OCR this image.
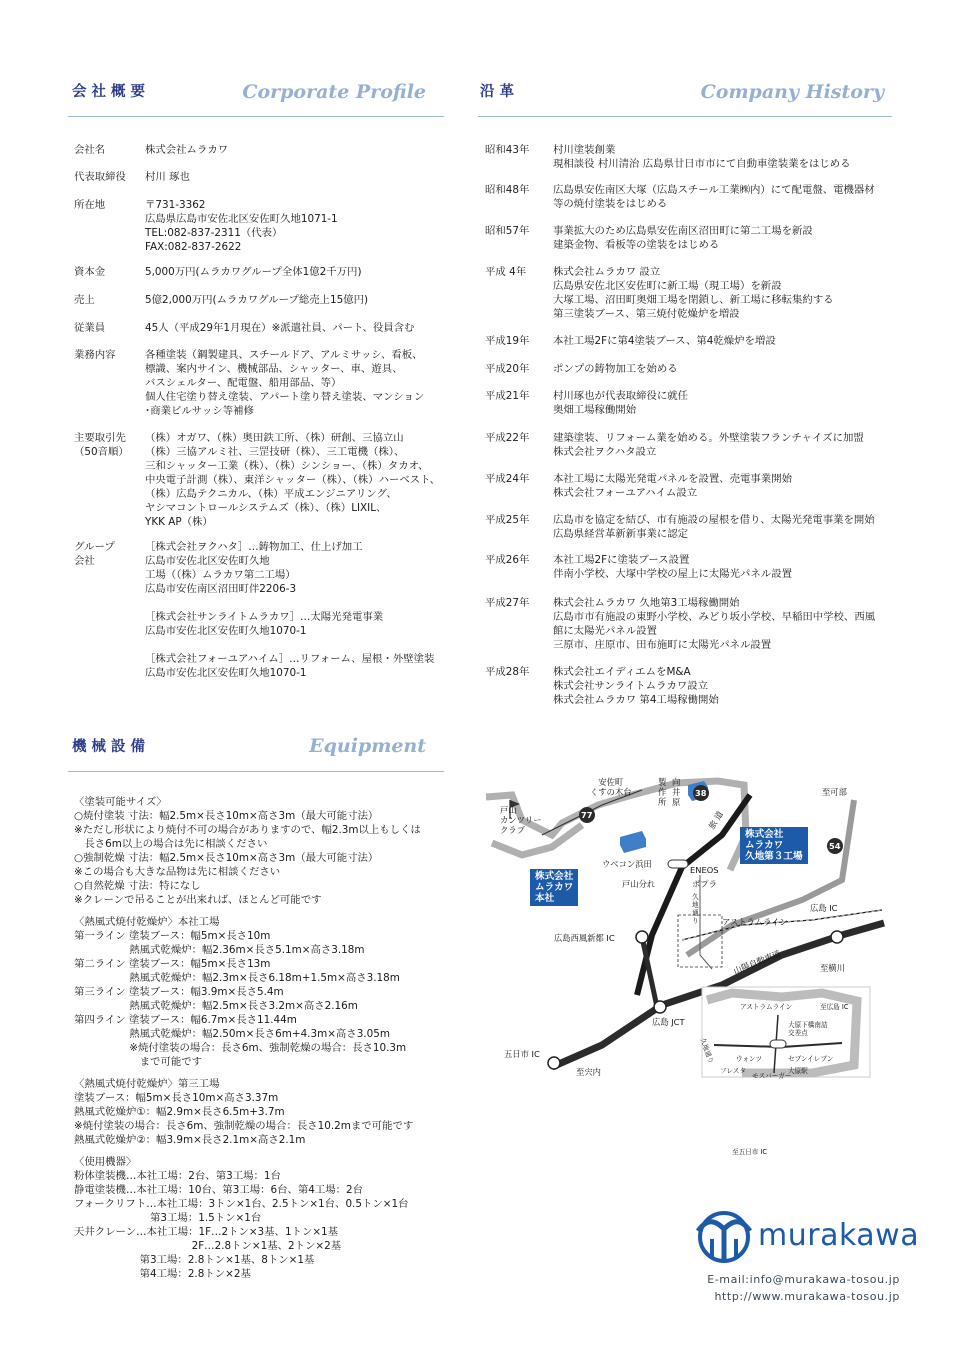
会社概要	Corporate Profile	沿革	Company History
機械設備	Equipment
会社名	株式会社ムラカワ
代表取締役 村川 琢也
所在地	〒731-3362
広島県広島市安佐北区安佐町久地1071-1
TEL:082-837-2311（代表）
FAX:082-837-2622
資本金	5,000万円(ムラカワグループ全体1億2千万円)
売上	5億2,000万円(ムラカワグループ総売上15億円)
従業員	45人（平成29年1月現在）※派遣社員、パート、役員含む
業務内容	各種塗装（鋼製建具、スチールドア、アルミサッシ、看板、
標識、案内サイン、機械部品、シャッター、車、遊具、
バスシェルター、配電盤、船用部品、等）
個人住宅塗り替え塗装、アパート塗り替え塗装、マンション
･商業ビルサッシ等補修
主要取引先
（50音順）
（株）オガワ、（株）奥田鉄工所、（株）研創、三協立山
（株）三協アルミ社、三罡技研（株）、三工電機（株）、
三和シャッター工業（株）、（株）シンショー、（株）タカオ、
中央電子計測（株）、東洋シャッター（株）、（株）ハーベスト、
（株）広島テクニカル、（株）平成エンジニアリング、
ヤシマコントロールシステムズ（株）、（株）LIXIL、
YKK AP（株）
グループ
会社
［株式会社ヲクハタ］…鋳物加工、仕上げ加工
広島市安佐北区安佐町久地
工場（（株）ムラカワ第二工場）
広島市安佐南区沼田町伴2206-3

［株式会社サンライトムラカワ］…太陽光発電事業
広島市安佐北区安佐町久地1070-1

［株式会社フォーユアハイム］…リフォーム、屋根・外壁塗装
広島市安佐北区安佐町久地1070-1
昭和43年 村川塗装創業
現相談役 村川清治 広島県廿日市市にて自動車塗装業をはじめる
昭和48年 広島県安佐南区大塚（広島スチール工業㈱内）にて配電盤、電機器材
等の焼付塗装をはじめる
昭和57年 事業拡大のため広島県安佐南区沼田町に第二工場を新設
建築金物、看板等の塗装をはじめる
平成 4年	株式会社ムラカワ 設立
広島県安佐北区安佐町に新工場（現工場）を新設
大塚工場、沼田町奥畑工場を閉鎖し、新工場に移転集約する
第三塗装ブース、第三焼付乾燥炉を増設
平成19年 本社工場2Fに第4塗装ブース、第4乾燥炉を増設
平成20年 ポンプの鋳物加工を始める
平成21年 村川琢也が代表取締役に就任
奥畑工場稼働開始
平成22年 建築塗装、リフォーム業を始める。外壁塗装フランチャイズに加盟
株式会社ヲクハタ設立
平成24年 本社工場に太陽光発電パネルを設置、売電事業開始
株式会社フォーユアハイム設立
平成25年 広島市を協定を結び、市有施設の屋根を借り、太陽光発電事業を開始
広島県経営革新新事業に認定
平成26年 本社工場2Fに塗装ブース設置
伴南小学校、大塚中学校の屋上に太陽光パネル設置
平成27年 株式会社ムラカワ 久地第3工場稼働開始
広島市市有施設の東野小学校、みどり坂小学校、早稲田中学校、西風
館に太陽光パネル設置
三原市、庄原市、田布施町に太陽光パネル設置
平成28年 株式会社エイディエムをM&A
株式会社サンライトムラカワ設立
株式会社ムラカワ 第4工場稼働開始
〈塗装可能サイズ〉
○焼付塗装 寸法：幅2.5m×長さ10m×高さ3m（最大可能寸法）
※ただし形状により焼付不可の場合がありますので、幅2.3m以上もしくは
　長さ6m以上の場合は先に相談ください
○強制乾燥 寸法：幅2.5m×長さ10m×高さ3m（最大可能寸法）
※この場合も大きな品物は先に相談ください
○自然乾燥 寸法：特になし
※クレーンで吊ることが出来れば、ほとんど可能です

〈熱風式焼付乾燥炉〉本社工場
第一ライン 塗装ブース：幅5m×長さ10m
　　　　　 熱風式乾燥炉：幅2.36m×長さ5.1m×高さ3.18m
第二ライン 塗装ブース：幅5m×長さ13m
　　　　　 熱風式乾燥炉：幅2.3m×長さ6.18m+1.5m×高さ3.18m
第三ライン 塗装ブース：幅3.9m×長さ5.4m
　　　　　 熱風式乾燥炉：幅2.5m×長さ3.2m×高さ2.16m
第四ライン 塗装ブース：幅6.7m×長さ11.44m
　　　　　 熱風式乾燥炉：幅2.50m×長さ6m+4.3m×高さ3.05m
　　　　　 ※焼付塗装の場合：長さ6m、強制乾燥の場合：長さ10.3m
　　　　　　 まで可能です

〈熱風式焼付乾燥炉〉第三工場
塗装ブース：幅5m×長さ10m×高さ3.37m
熱風式乾燥炉①：幅2.9m×長さ6.5m+3.7m
※焼付塗装の場合：長さ6m、強制乾燥の場合：長さ10.2mまで可能です
熱風式乾燥炉②：幅3.9m×長さ2.1m×高さ2.1m

〈使用機器〉
粉体塗装機…本社工場：2台、第3工場：1台
静電塗装機…本社工場：10台、第3工場：6台、第4工場：2台
フォークリフト…本社工場：3トン×1台、2.5トン×1台、0.5トン×1台
　　　　　　　 第3工場：1.5トン×1台
天井クレーン…本社工場：1F…2トン×3基、1トン×1基
　　　　　　　　　　　 2F…2.8トン×1基、2トン×2基
　　　　　　 第3工場：2.8トン×1基、8トン×1基
　　　　　　 第4工場：2.8トン×2基
戸山
カンツリー
クラブ
安佐町
くすの木台
製
作
所
向
井
原
ウベコン浜田
ENEOS
ポプラ
戸山分れ
久
地
通
り	アストラムライン
広島西風新都 IC
山陽自動車道
広島 JCT
五日市 IC
至宍内
至可部
広島 IC
至横川
旅 道
77
38
54
株式会社
ムラカワ
本社
株式会社
ムラカワ
久地第３工場
アストラムライン	至広島 IC
久地通り
大原下橋南詰
交差点
ウォンツ	セブンイレブン
フレスタ	大原駅
モスバーガー
至五日市 IC
murakawa
E-mail:info@murakawa-tosou.jp
http://www.murakawa-tosou.jp
